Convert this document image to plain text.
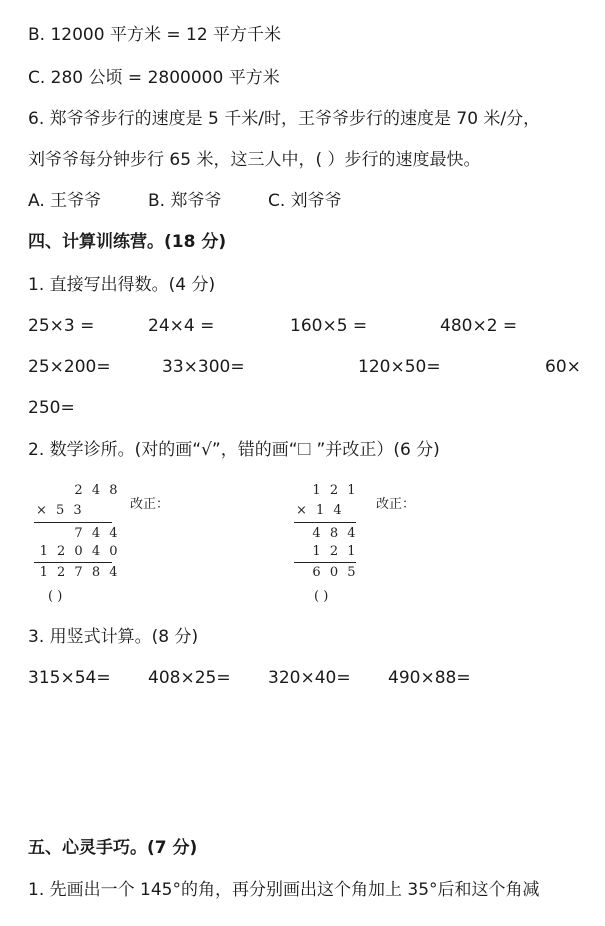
B. 12000 平方米 = 12 平方千米
C. 280 公顷 = 2800000 平方米
6. 郑爷爷步行的速度是 5 千米/时，王爷爷步行的速度是 70 米/分，
刘爷爷每分钟步行 65 米，这三人中，( ）步行的速度最快。
A. 王爷爷	B. 郑爷爷	C. 刘爷爷
四、计算训练营。(18 分)
1. 直接写出得数。(4 分)
25×3 =	24×4 =	160×5 =	480×2 =
25×200=	33×300=	120×50=	60×
250=
2. 数学诊所。(对的画“√”，错的画“🞎 ”并改正）(6 分)
2 4 8
× 5 3
7 4 4
1 2 0 4 0
1 2 7 8 4
( )
改正：
1 2 1
× 1 4
4 8 4
1 2 1
6 0 5
( )
改正：
3. 用竖式计算。(8 分)
315×54= 408×25= 320×40= 490×88=
五、心灵手巧。(7 分)
1. 先画出一个 145°的角，再分别画出这个角加上 35°后和这个角减
